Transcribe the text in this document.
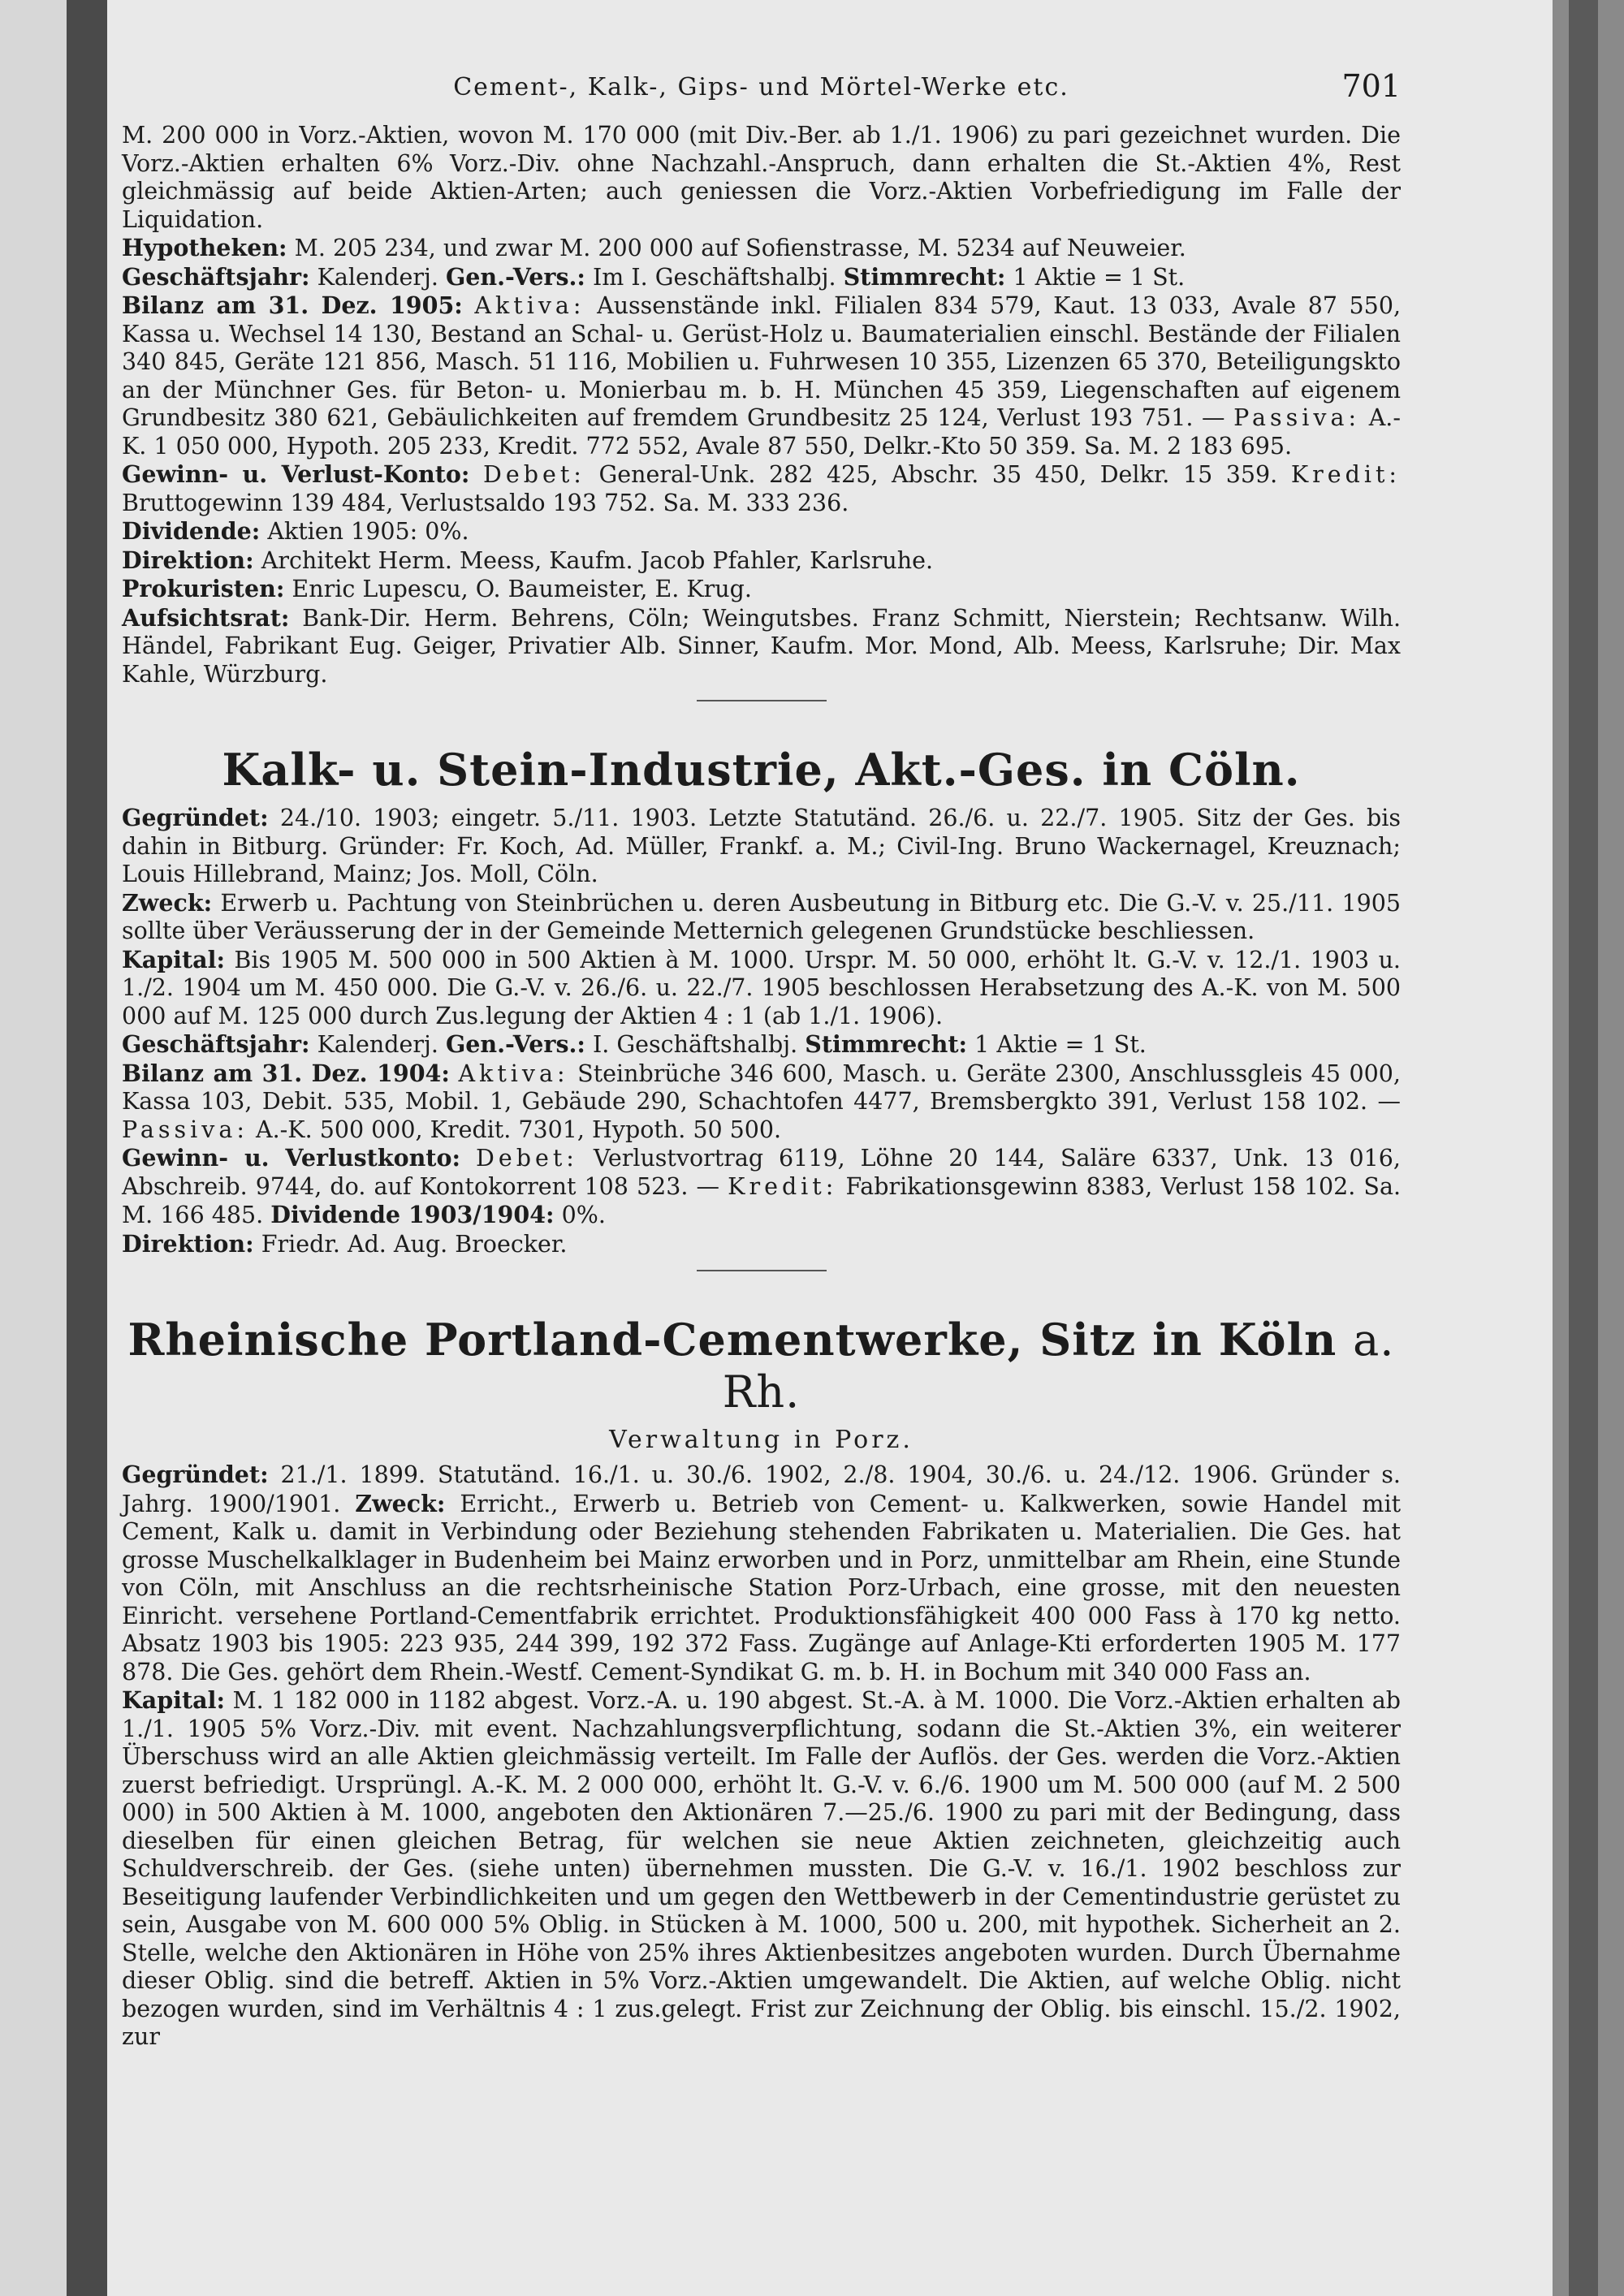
Cement-, Kalk-, Gips- und Mörtel-Werke etc.	701

M. 200 000 in Vorz.-Aktien, wovon M. 170 000 (mit Div.-Ber. ab 1./1. 1906) zu pari gezeichnet wurden. Die Vorz.-Aktien erhalten 6% Vorz.-Div. ohne Nachzahl.-Anspruch, dann erhalten die St.-Aktien 4%, Rest gleichmässig auf beide Aktien-Arten; auch geniessen die Vorz.-Aktien Vorbefriedigung im Falle der Liquidation.

Hypotheken: M. 205 234, und zwar M. 200 000 auf Sofienstrasse, M. 5234 auf Neuweier.

Geschäftsjahr: Kalenderj. Gen.-Vers.: Im I. Geschäftshalbj. Stimmrecht: 1 Aktie = 1 St.

Bilanz am 31. Dez. 1905: Aktiva: Aussenstände inkl. Filialen 834 579, Kaut. 13 033, Avale 87 550, Kassa u. Wechsel 14 130, Bestand an Schal- u. Gerüst-Holz u. Baumaterialien einschl. Bestände der Filialen 340 845, Geräte 121 856, Masch. 51 116, Mobilien u. Fuhrwesen 10 355, Lizenzen 65 370, Beteiligungskto an der Münchner Ges. für Beton- u. Monierbau m. b. H. München 45 359, Liegenschaften auf eigenem Grundbesitz 380 621, Gebäulichkeiten auf fremdem Grundbesitz 25 124, Verlust 193 751. — Passiva: A.-K. 1 050 000, Hypoth. 205 233, Kredit. 772 552, Avale 87 550, Delkr.-Kto 50 359. Sa. M. 2 183 695.

Gewinn- u. Verlust-Konto: Debet: General-Unk. 282 425, Abschr. 35 450, Delkr. 15 359. Kredit: Bruttogewinn 139 484, Verlustsaldo 193 752. Sa. M. 333 236.

Dividende: Aktien 1905: 0%.

Direktion: Architekt Herm. Meess, Kaufm. Jacob Pfahler, Karlsruhe.

Prokuristen: Enric Lupescu, O. Baumeister, E. Krug.

Aufsichtsrat: Bank-Dir. Herm. Behrens, Cöln; Weingutsbes. Franz Schmitt, Nierstein; Rechtsanw. Wilh. Händel, Fabrikant Eug. Geiger, Privatier Alb. Sinner, Kaufm. Mor. Mond, Alb. Meess, Karlsruhe; Dir. Max Kahle, Würzburg.

Kalk- u. Stein-Industrie, Akt.-Ges. in Cöln.

Gegründet: 24./10. 1903; eingetr. 5./11. 1903. Letzte Statutänd. 26./6. u. 22./7. 1905. Sitz der Ges. bis dahin in Bitburg. Gründer: Fr. Koch, Ad. Müller, Frankf. a. M.; Civil-Ing. Bruno Wackernagel, Kreuznach; Louis Hillebrand, Mainz; Jos. Moll, Cöln.

Zweck: Erwerb u. Pachtung von Steinbrüchen u. deren Ausbeutung in Bitburg etc. Die G.-V. v. 25./11. 1905 sollte über Veräusserung der in der Gemeinde Metternich gelegenen Grundstücke beschliessen.

Kapital: Bis 1905 M. 500 000 in 500 Aktien à M. 1000. Urspr. M. 50 000, erhöht lt. G.-V. v. 12./1. 1903 u. 1./2. 1904 um M. 450 000. Die G.-V. v. 26./6. u. 22./7. 1905 beschlossen Herabsetzung des A.-K. von M. 500 000 auf M. 125 000 durch Zus.legung der Aktien 4 : 1 (ab 1./1. 1906).

Geschäftsjahr: Kalenderj. Gen.-Vers.: I. Geschäftshalbj. Stimmrecht: 1 Aktie = 1 St.

Bilanz am 31. Dez. 1904: Aktiva: Steinbrüche 346 600, Masch. u. Geräte 2300, Anschlussgleis 45 000, Kassa 103, Debit. 535, Mobil. 1, Gebäude 290, Schachtofen 4477, Bremsbergkto 391, Verlust 158 102. — Passiva: A.-K. 500 000, Kredit. 7301, Hypoth. 50 500.

Gewinn- u. Verlustkonto: Debet: Verlustvortrag 6119, Löhne 20 144, Saläre 6337, Unk. 13 016, Abschreib. 9744, do. auf Kontokorrent 108 523. — Kredit: Fabrikationsgewinn 8383, Verlust 158 102. Sa. M. 166 485. Dividende 1903/1904: 0%.

Direktion: Friedr. Ad. Aug. Broecker.

Rheinische Portland-Cementwerke, Sitz in Köln a. Rh.
Verwaltung in Porz.

Gegründet: 21./1. 1899. Statutänd. 16./1. u. 30./6. 1902, 2./8. 1904, 30./6. u. 24./12. 1906. Gründer s. Jahrg. 1900/1901. Zweck: Erricht., Erwerb u. Betrieb von Cement- u. Kalkwerken, sowie Handel mit Cement, Kalk u. damit in Verbindung oder Beziehung stehenden Fabrikaten u. Materialien. Die Ges. hat grosse Muschelkalklager in Budenheim bei Mainz erworben und in Porz, unmittelbar am Rhein, eine Stunde von Cöln, mit Anschluss an die rechtsrheinische Station Porz-Urbach, eine grosse, mit den neuesten Einricht. versehene Portland-Cementfabrik errichtet. Produktionsfähigkeit 400 000 Fass à 170 kg netto. Absatz 1903 bis 1905: 223 935, 244 399, 192 372 Fass. Zugänge auf Anlage-Kti erforderten 1905 M. 177 878. Die Ges. gehört dem Rhein.-Westf. Cement-Syndikat G. m. b. H. in Bochum mit 340 000 Fass an.

Kapital: M. 1 182 000 in 1182 abgest. Vorz.-A. u. 190 abgest. St.-A. à M. 1000. Die Vorz.-Aktien erhalten ab 1./1. 1905 5% Vorz.-Div. mit event. Nachzahlungsverpflichtung, sodann die St.-Aktien 3%, ein weiterer Überschuss wird an alle Aktien gleichmässig verteilt. Im Falle der Auflös. der Ges. werden die Vorz.-Aktien zuerst befriedigt. Ursprüngl. A.-K. M. 2 000 000, erhöht lt. G.-V. v. 6./6. 1900 um M. 500 000 (auf M. 2 500 000) in 500 Aktien à M. 1000, angeboten den Aktionären 7.—25./6. 1900 zu pari mit der Bedingung, dass dieselben für einen gleichen Betrag, für welchen sie neue Aktien zeichneten, gleichzeitig auch Schuldverschreib. der Ges. (siehe unten) übernehmen mussten. Die G.-V. v. 16./1. 1902 beschloss zur Beseitigung laufender Verbindlichkeiten und um gegen den Wettbewerb in der Cementindustrie gerüstet zu sein, Ausgabe von M. 600 000 5% Oblig. in Stücken à M. 1000, 500 u. 200, mit hypothek. Sicherheit an 2. Stelle, welche den Aktionären in Höhe von 25% ihres Aktienbesitzes angeboten wurden. Durch Übernahme dieser Oblig. sind die betreff. Aktien in 5% Vorz.-Aktien umgewandelt. Die Aktien, auf welche Oblig. nicht bezogen wurden, sind im Verhältnis 4 : 1 zus.gelegt. Frist zur Zeichnung der Oblig. bis einschl. 15./2. 1902, zur
